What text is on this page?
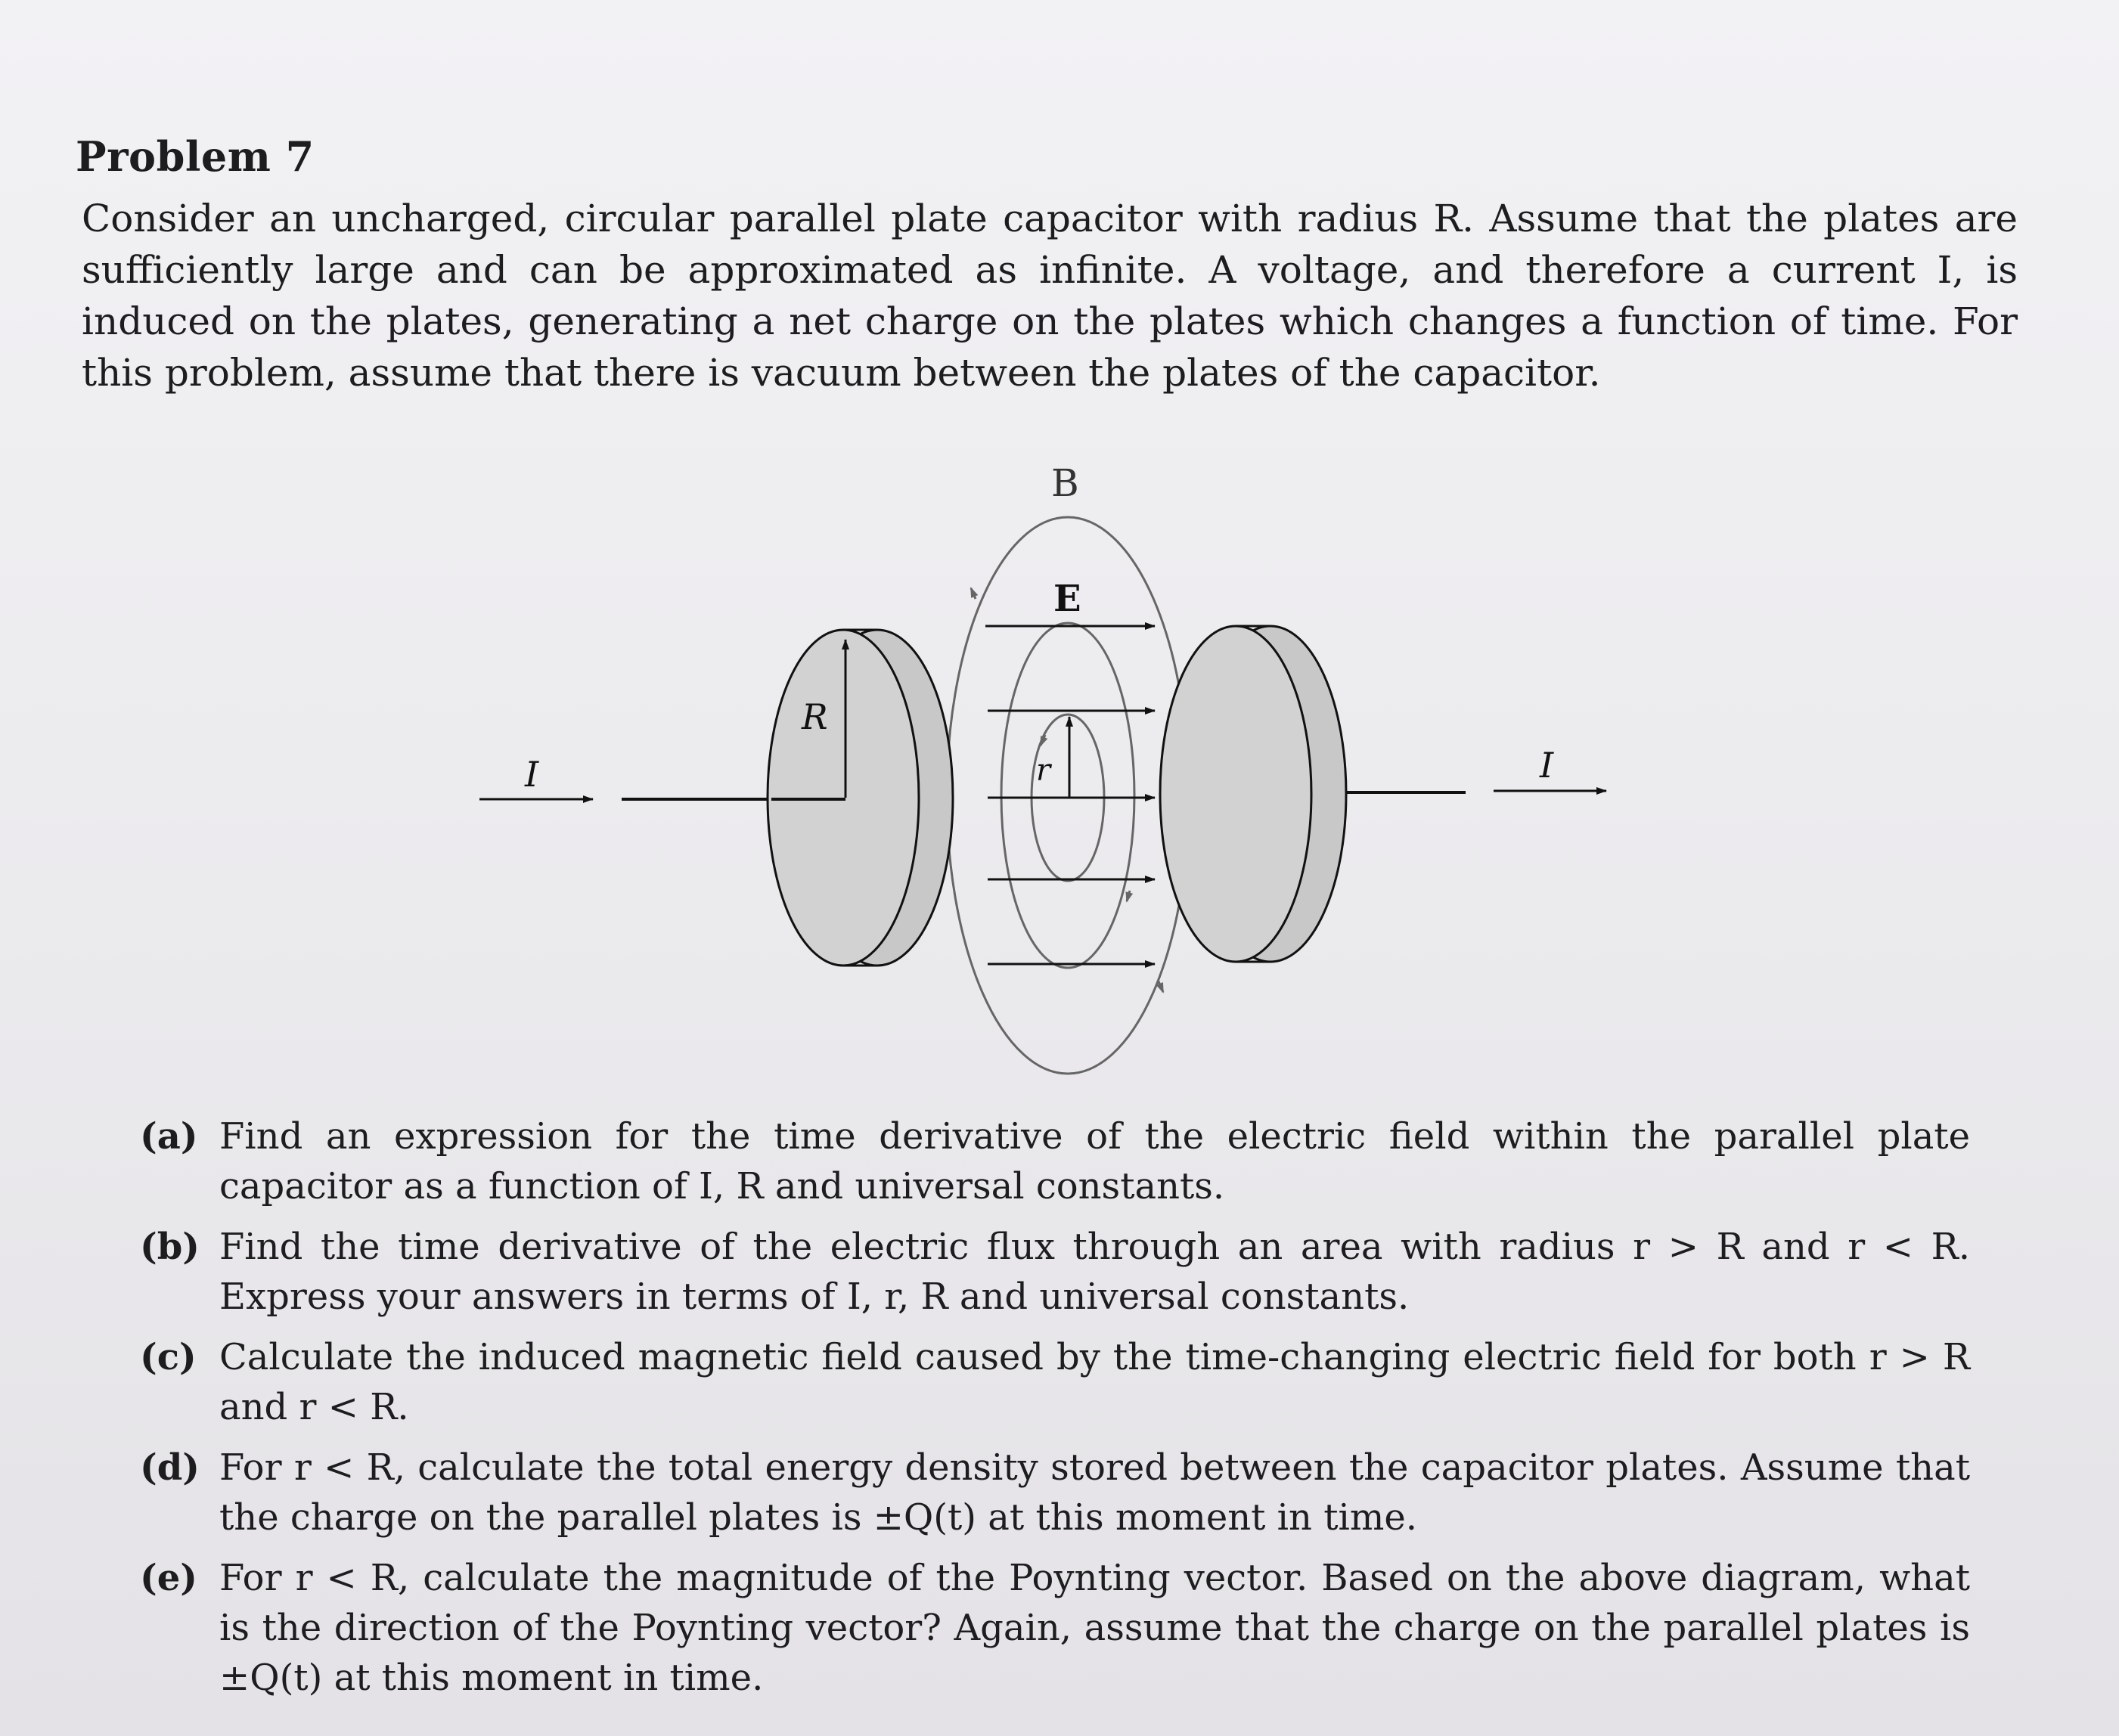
Problem 7
Consider an uncharged, circular parallel plate capacitor with radius R. Assume that the plates are sufficiently large and can be approximated as infinite. A voltage, and therefore a current I, is induced on the plates, generating a net charge on the plates which changes a function of time. For this problem, assume that there is vacuum between the plates of the capacitor.
R
r
B
E
I	I
(a) Find an expression for the time derivative of the electric field within the parallel plate capacitor as a function of I, R and universal constants.
(b) Find the time derivative of the electric flux through an area with radius r > R and r < R. Express your answers in terms of I, r, R and universal constants.
(c) Calculate the induced magnetic field caused by the time-changing electric field for both r > R and r < R.
(d) For r < R, calculate the total energy density stored between the capacitor plates. Assume that the charge on the parallel plates is ±Q(t) at this moment in time.
(e) For r < R, calculate the magnitude of the Poynting vector. Based on the above diagram, what is the direction of the Poynting vector? Again, assume that the charge on the parallel plates is ±Q(t) at this moment in time.
